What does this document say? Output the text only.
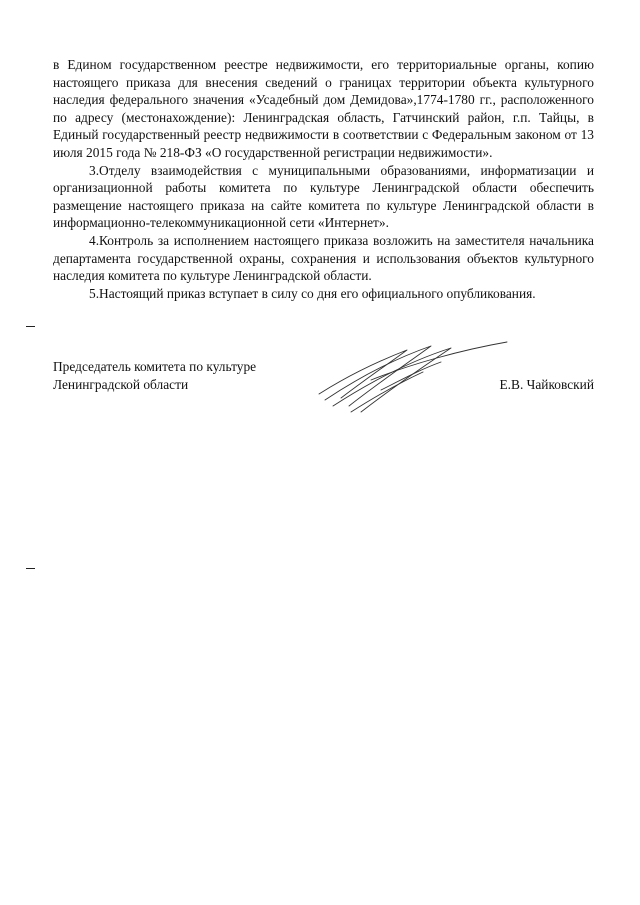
в Едином государственном реестре недвижимости, его территориальные органы, копию настоящего приказа для внесения сведений о границах территории объекта культурного наследия федерального значения «Усадебный дом Демидова»,1774-1780 гг., расположенного по адресу (местонахождение): Ленинградская область, Гатчинский район, г.п. Тайцы, в Единый государственный реестр недвижимости в соответствии с Федеральным законом от 13 июля 2015 года № 218-ФЗ «О государственной регистрации недвижимости».

3.Отделу взаимодействия с муниципальными образованиями, информатизации и организационной работы комитета по культуре Ленинградской области обеспечить размещение настоящего приказа на сайте комитета по культуре Ленинградской области в информационно-телекоммуникационной сети «Интернет».

4.Контроль за исполнением настоящего приказа возложить на заместителя начальника департамента государственной охраны, сохранения и использования объектов культурного наследия комитета по культуре Ленинградской области.

5.Настоящий приказ вступает в силу со дня его официального опубликования.

Председатель комитета по культуре
Ленинградской области	Е.В. Чайковский
